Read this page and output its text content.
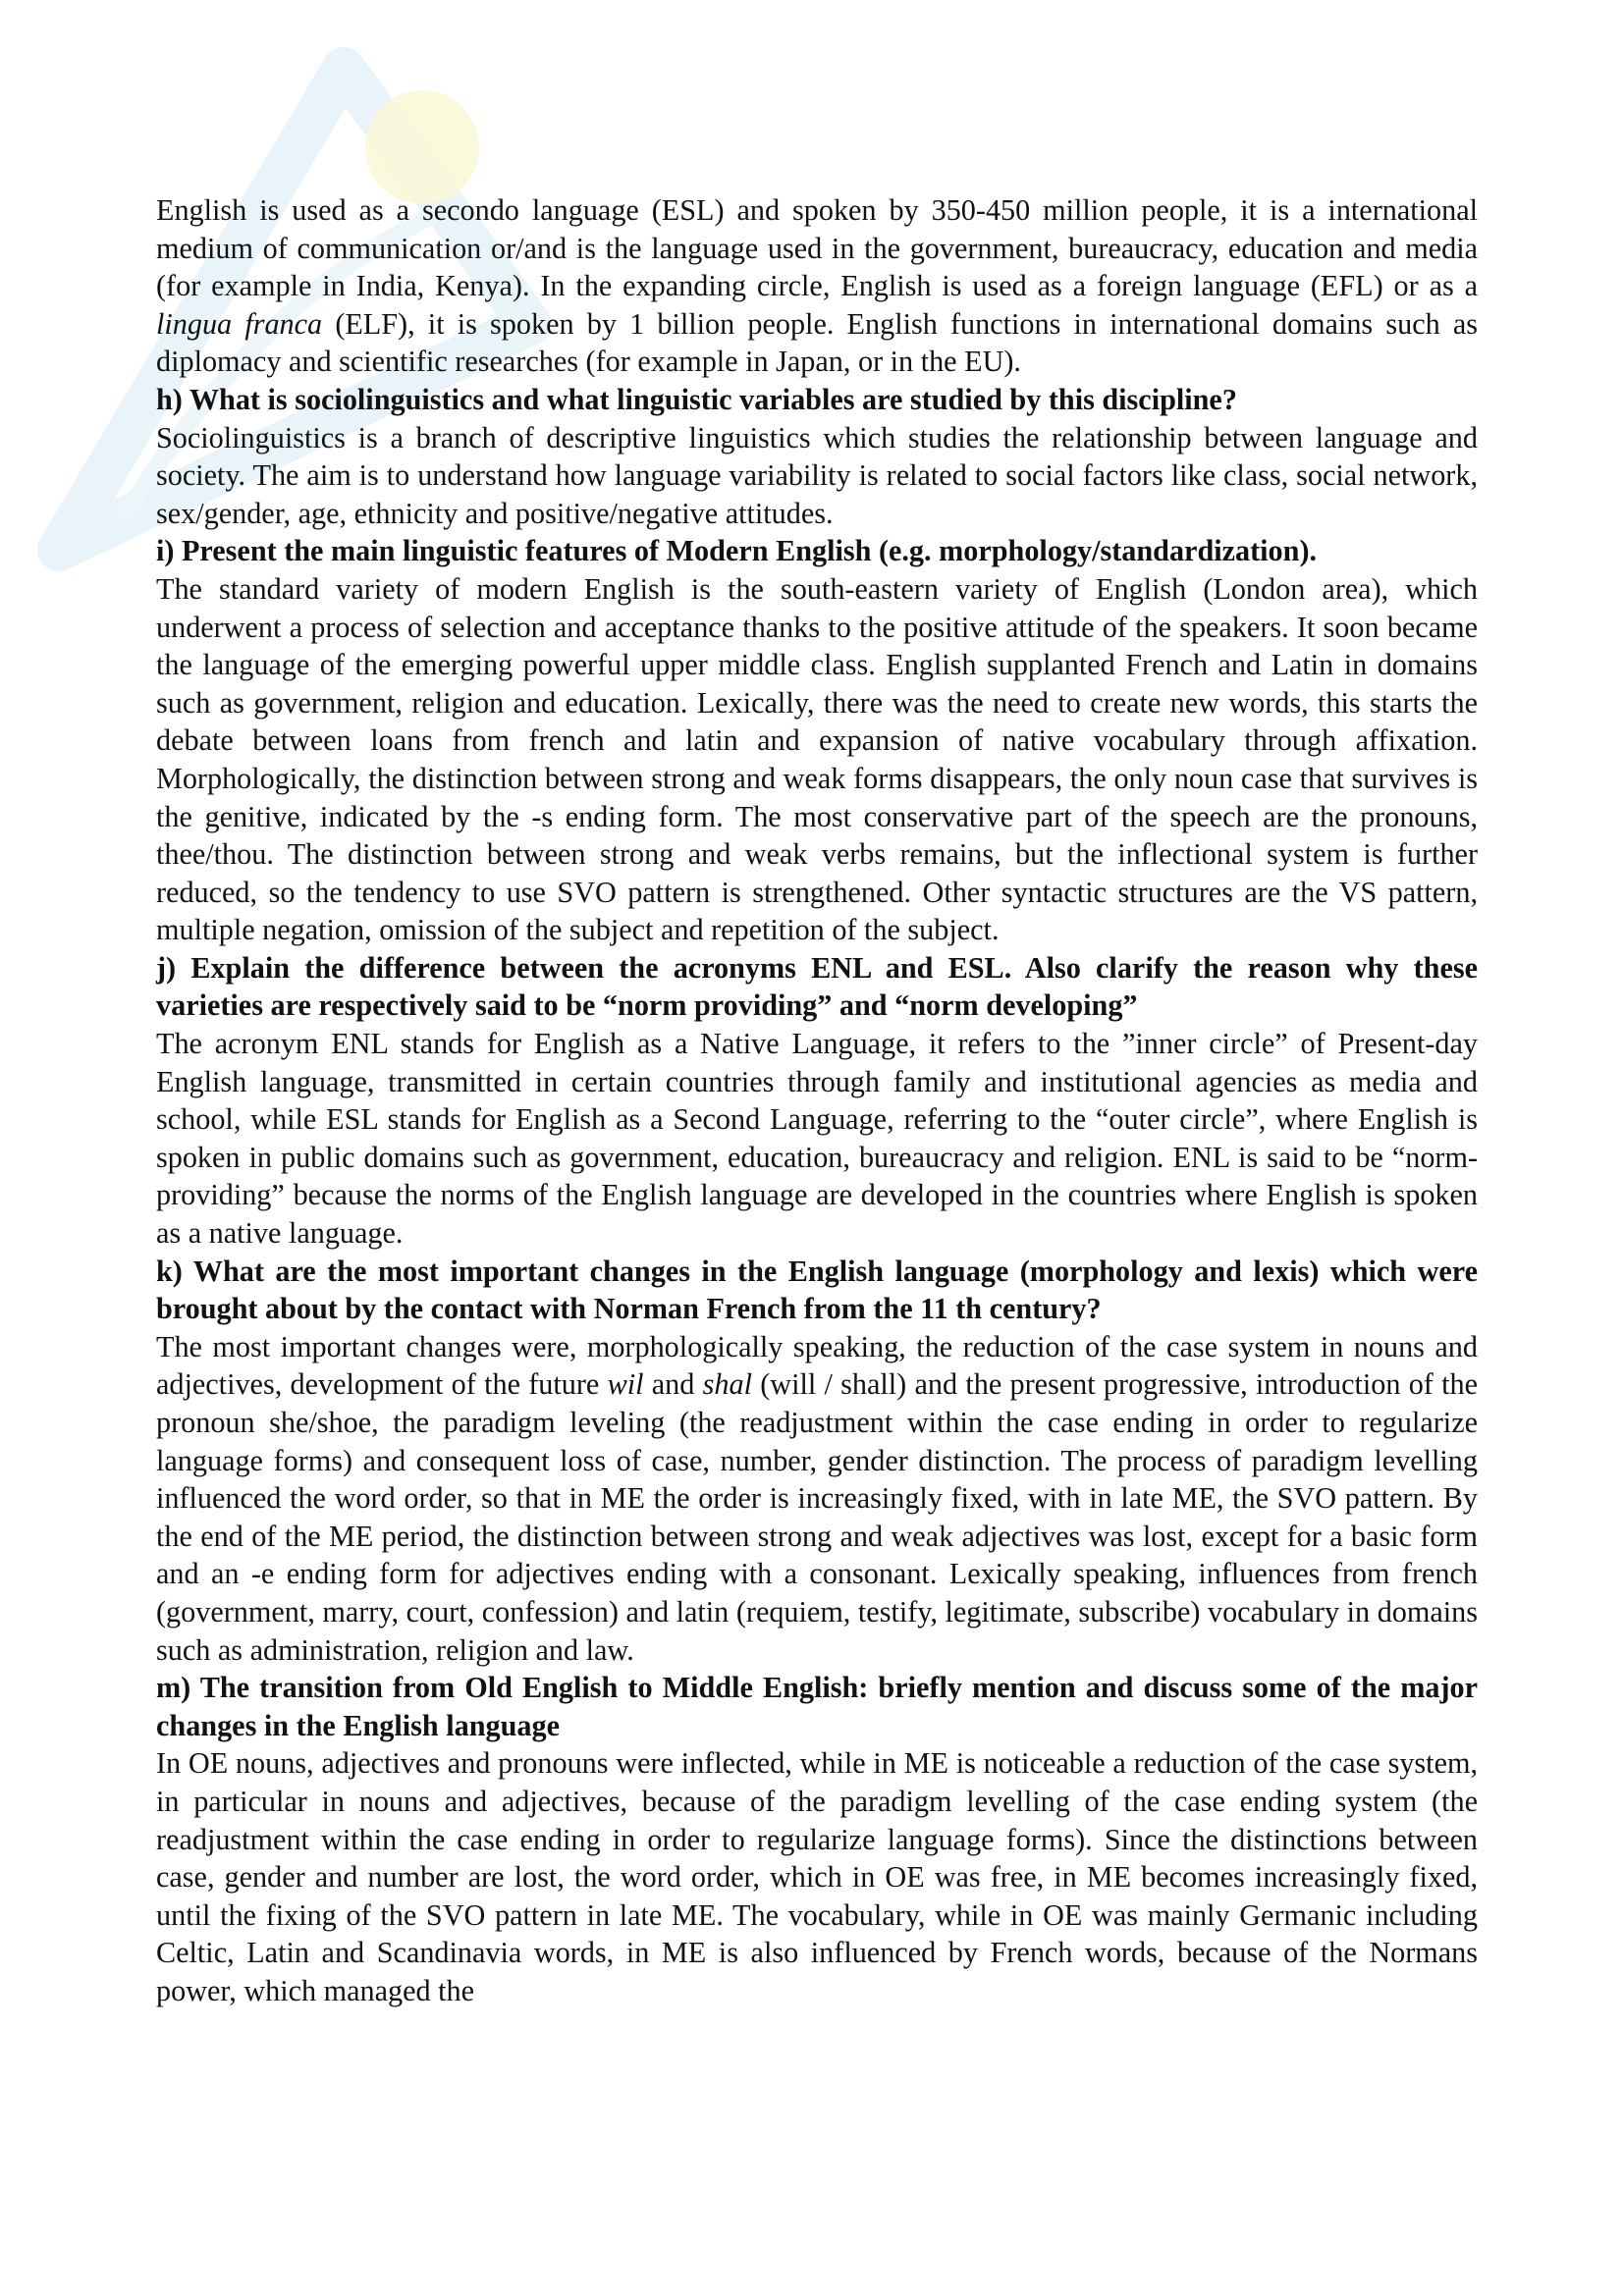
English is used as a secondo language (ESL) and spoken by 350-450 million people, it is a international medium of communication or/and is the language used in the government, bureaucracy, education and media (for example in India, Kenya). In the expanding circle, English is used as a foreign language (EFL) or as a lingua franca (ELF), it is spoken by 1 billion people. English functions in international domains such as diplomacy and scientific researches (for example in Japan, or in the EU).

h) What is sociolinguistics and what linguistic variables are studied by this discipline?

Sociolinguistics is a branch of descriptive linguistics which studies the relationship between language and society. The aim is to understand how language variability is related to social factors like class, social network, sex/gender, age, ethnicity and positive/negative attitudes.

i) Present the main linguistic features of Modern English (e.g. morphology/standardization).

The standard variety of modern English is the south-eastern variety of English (London area), which underwent a process of selection and acceptance thanks to the positive attitude of the speakers. It soon became the language of the emerging powerful upper middle class. English supplanted French and Latin in domains such as government, religion and education. Lexically, there was the need to create new words, this starts the debate between loans from french and latin and expansion of native vocabulary through affixation. Morphologically, the distinction between strong and weak forms disappears, the only noun case that survives is the genitive, indicated by the -s ending form. The most conservative part of the speech are the pronouns, thee/thou. The distinction between strong and weak verbs remains, but the inflectional system is further reduced, so the tendency to use SVO pattern is strengthened. Other syntactic structures are the VS pattern, multiple negation, omission of the subject and repetition of the subject.

j) Explain the difference between the acronyms ENL and ESL. Also clarify the reason why these varieties are respectively said to be “norm providing” and “norm developing”

The acronym ENL stands for English as a Native Language, it refers to the ”inner circle” of Present-day English language, transmitted in certain countries through family and institutional agencies as media and school, while ESL stands for English as a Second Language, referring to the “outer circle”, where English is spoken in public domains such as government, education, bureaucracy and religion. ENL is said to be “norm-providing” because the norms of the English language are developed in the countries where English is spoken as a native language.

k) What are the most important changes in the English language (morphology and lexis) which were brought about by the contact with Norman French from the 11 th century?

The most important changes were, morphologically speaking, the reduction of the case system in nouns and adjectives, development of the future wil and shal (will / shall) and the present progressive, introduction of the pronoun she/shoe, the paradigm leveling (the readjustment within the case ending in order to regularize language forms) and consequent loss of case, number, gender distinction. The process of paradigm levelling influenced the word order, so that in ME the order is increasingly fixed, with in late ME, the SVO pattern. By the end of the ME period, the distinction between strong and weak adjectives was lost, except for a basic form and an -e ending form for adjectives ending with a consonant. Lexically speaking, influences from french (government, marry, court, confession) and latin (requiem, testify, legitimate, subscribe) vocabulary in domains such as administration, religion and law.

m) The transition from Old English to Middle English: briefly mention and discuss some of the major changes in the English language

In OE nouns, adjectives and pronouns were inflected, while in ME is noticeable a reduction of the case system, in particular in nouns and adjectives, because of the paradigm levelling of the case ending system (the readjustment within the case ending in order to regularize language forms). Since the distinctions between case, gender and number are lost, the word order, which in OE was free, in ME becomes increasingly fixed, until the fixing of the SVO pattern in late ME. The vocabulary, while in OE was mainly Germanic including Celtic, Latin and Scandinavia words, in ME is also influenced by French words, because of the Normans power, which managed the
